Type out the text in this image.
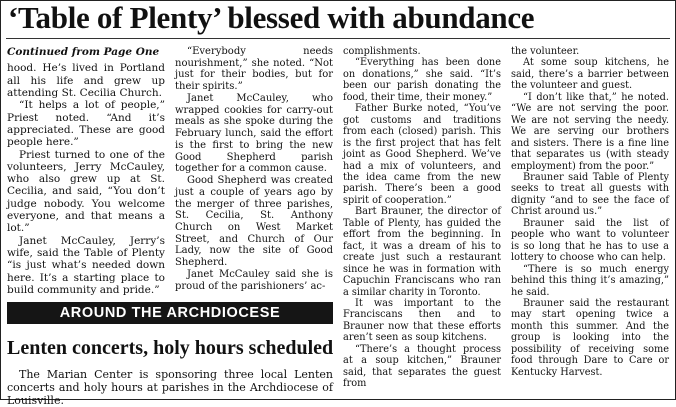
‘Table of Plenty’ blessed with abundance

Continued from Page One

hood. He’s lived in Portland all his life and grew up attending St. Cecilia Church.

“It helps a lot of people,” Priest noted. “And it’s appreciated. These are good people here.”

Priest turned to one of the volunteers, Jerry McCauley, who also grew up at St. Cecilia, and said, “You don’t judge nobody. You welcome everyone, and that means a lot.”

Janet McCauley, Jerry’s wife, said the Table of Plenty “is just what’s needed down here. It’s a starting place to build community and pride.”

“Everybody needs nourishment,” she noted. “Not just for their bodies, but for their spirits.”

Janet McCauley, who wrapped cookies for carry-out meals as she spoke during the February lunch, said the effort is the first to bring the new Good Shepherd parish together for a common cause.

Good Shepherd was created just a couple of years ago by the merger of three parishes, St. Cecilia, St. Anthony Church on West Market Street, and Church of Our Lady, now the site of Good Shepherd.

Janet McCauley said she is proud of the parishioners’ ac-

complishments.

“Everything has been done on donations,” she said. “It’s been our parish donating the food, their time, their money.”

Father Burke noted, “You’ve got customs and traditions from each (closed) parish. This is the first project that has felt joint as Good Shepherd. We’ve had a mix of volunteers, and the idea came from the new parish. There’s been a good spirit of cooperation.”

Bart Brauner, the director of Table of Plenty, has guided the effort from the beginning. In fact, it was a dream of his to create just such a restaurant since he was in formation with Capuchin Franciscans who ran a similar charity in Toronto.

It was important to the Franciscans then and to Brauner now that these efforts aren’t seen as soup kitchens.

“There’s a thought process at a soup kitchen,” Brauner said, that separates the guest from

the volunteer.

At some soup kitchens, he said, there’s a barrier between the volunteer and guest.

“I don’t like that,” he noted. “We are not serving the poor. We are not serving the needy. We are serving our brothers and sisters. There is a fine line that separates us (with steady employment) from the poor.”

Brauner said Table of Plenty seeks to treat all guests with dignity “and to see the face of Christ around us.”

Brauner said the list of people who want to volunteer is so long that he has to use a lottery to choose who can help.

“There is so much energy behind this thing it’s amazing,” he said.

Brauner said the restaurant may start opening twice a month this summer. And the group is looking into the possibility of receiving some food through Dare to Care or Kentucky Harvest.

AROUND THE ARCHDIOCESE
Lenten concerts, holy hours scheduled

The Marian Center is sponsoring three local Lenten concerts and holy hours at parishes in the Archdiocese of Louisville.
